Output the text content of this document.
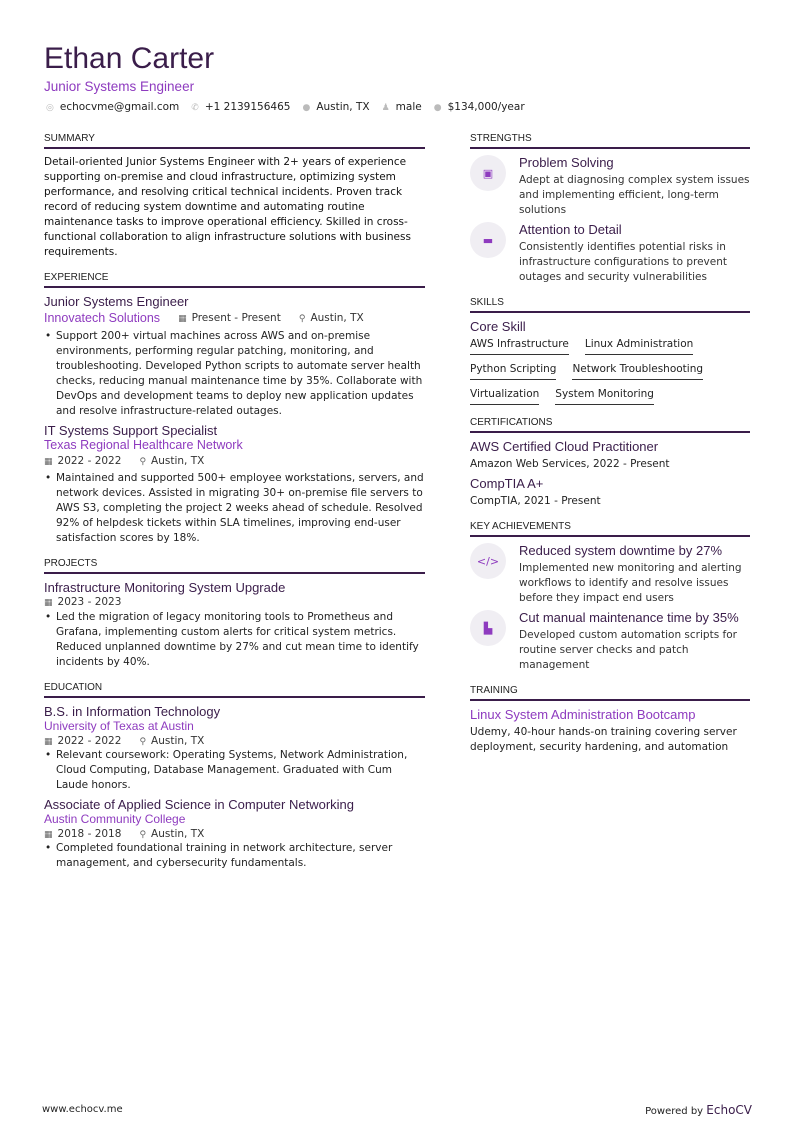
Ethan Carter
Junior Systems Engineer
◎ echocvme@gmail.com ✆ +1 2139156465 ● Austin, TX ♟ male ● $134,000/year
SUMMARY

Detail-oriented Junior Systems Engineer with 2+ years of experience supporting on-premise and cloud infrastructure, optimizing system performance, and resolving critical technical incidents. Proven track record of reducing system downtime and automating routine maintenance tasks to improve operational efficiency. Skilled in cross-functional collaboration to align infrastructure solutions with business requirements.

EXPERIENCE
Junior Systems Engineer
Innovatech Solutions ▦ Present - Present ⚲ Austin, TX
• Support 200+ virtual machines across AWS and on-premise environments, performing regular patching, monitoring, and troubleshooting. Developed Python scripts to automate server health checks, reducing manual maintenance time by 35%. Collaborate with DevOps and development teams to deploy new application updates and resolve infrastructure-related outages.
IT Systems Support Specialist
Texas Regional Healthcare Network
▦ 2022 - 2022 ⚲ Austin, TX
• Maintained and supported 500+ employee workstations, servers, and network devices. Assisted in migrating 30+ on-premise file servers to AWS S3, completing the project 2 weeks ahead of schedule. Resolved 92% of helpdesk tickets within SLA timelines, improving end-user satisfaction scores by 18%.
PROJECTS
Infrastructure Monitoring System Upgrade
▦ 2023 - 2023
• Led the migration of legacy monitoring tools to Prometheus and Grafana, implementing custom alerts for critical system metrics. Reduced unplanned downtime by 27% and cut mean time to identify incidents by 40%.
EDUCATION
B.S. in Information Technology
University of Texas at Austin
▦ 2022 - 2022 ⚲ Austin, TX
• Relevant coursework: Operating Systems, Network Administration, Cloud Computing, Database Management. Graduated with Cum Laude honors.
Associate of Applied Science in Computer Networking
Austin Community College
▦ 2018 - 2018 ⚲ Austin, TX
• Completed foundational training in network architecture, server management, and cybersecurity fundamentals.
STRENGTHS
▣
Problem Solving

Adept at diagnosing complex system issues and implementing efficient, long-term solutions

▬
Attention to Detail

Consistently identifies potential risks in infrastructure configurations to prevent outages and security vulnerabilities

SKILLS
Core Skill
AWS Infrastructure Linux Administration
Python Scripting Network Troubleshooting
Virtualization System Monitoring
CERTIFICATIONS
AWS Certified Cloud Practitioner

Amazon Web Services, 2022 - Present

CompTIA A+

CompTIA, 2021 - Present

KEY ACHIEVEMENTS
</>
Reduced system downtime by 27%

Implemented new monitoring and alerting workflows to identify and resolve issues before they impact end users

▙
Cut manual maintenance time by 35%

Developed custom automation scripts for routine server checks and patch management

TRAINING
Linux System Administration Bootcamp

Udemy, 40-hour hands-on training covering server deployment, security hardening, and automation

www.echocv.me	Powered by EchoCV
